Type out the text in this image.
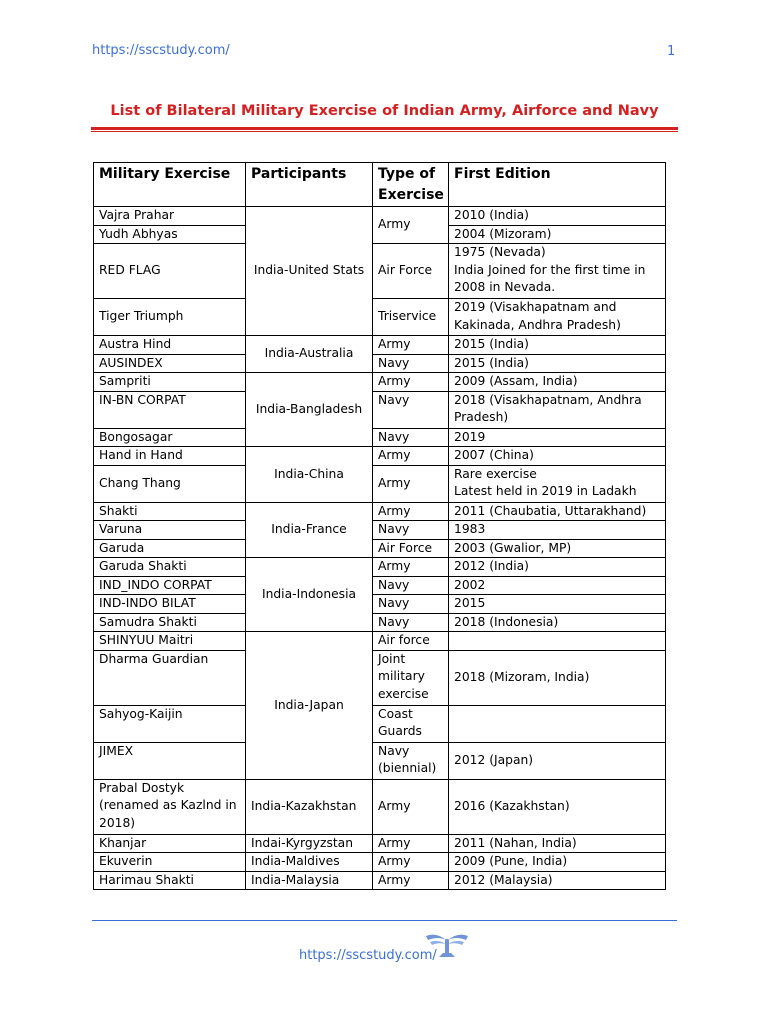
https://sscstudy.com/	1
List of Bilateral Military Exercise of Indian Army, Airforce and Navy
Military Exercise	Participants	Type of Exercise	First Edition
Vajra Prahar	India-United Stats	Army	2010 (India)
Yudh Abhyas			2004 (Mizoram)
RED FLAG		Air Force	1975 (Nevada)
India Joined for the first time in 2008 in Nevada.
Tiger Triumph		Triservice	2019 (Visakhapatnam and Kakinada, Andhra Pradesh)
Austra Hind	India-Australia	Army	2015 (India)
AUSINDEX		Navy	2015 (India)
Sampriti	India-Bangladesh	Army	2009 (Assam, India)
IN-BN CORPAT		Navy	2018 (Visakhapatnam, Andhra Pradesh)
Bongosagar		Navy	2019
Hand in Hand	India-China	Army	2007 (China)
Chang Thang		Army	Rare exercise
Latest held in 2019 in Ladakh
Shakti	India-France	Army	2011 (Chaubatia, Uttarakhand)
Varuna		Navy	1983
Garuda		Air Force	2003 (Gwalior, MP)
Garuda Shakti	India-Indonesia	Army	2012 (India)
IND_INDO CORPAT		Navy	2002
IND-INDO BILAT		Navy	2015
Samudra Shakti		Navy	2018 (Indonesia)
SHINYUU Maitri	India-Japan	Air force	
Dharma Guardian		Joint military exercise	2018 (Mizoram, India)
Sahyog-Kaijin		Coast Guards	
JIMEX		Navy (biennial)	2012 (Japan)
Prabal Dostyk (renamed as Kazlnd in 2018)	India-Kazakhstan	Army	2016 (Kazakhstan)
Khanjar	Indai-Kyrgyzstan	Army	2011 (Nahan, India)
Ekuverin	India-Maldives	Army	2009 (Pune, India)
Harimau Shakti	India-Malaysia	Army	2012 (Malaysia)
https://sscstudy.com/
